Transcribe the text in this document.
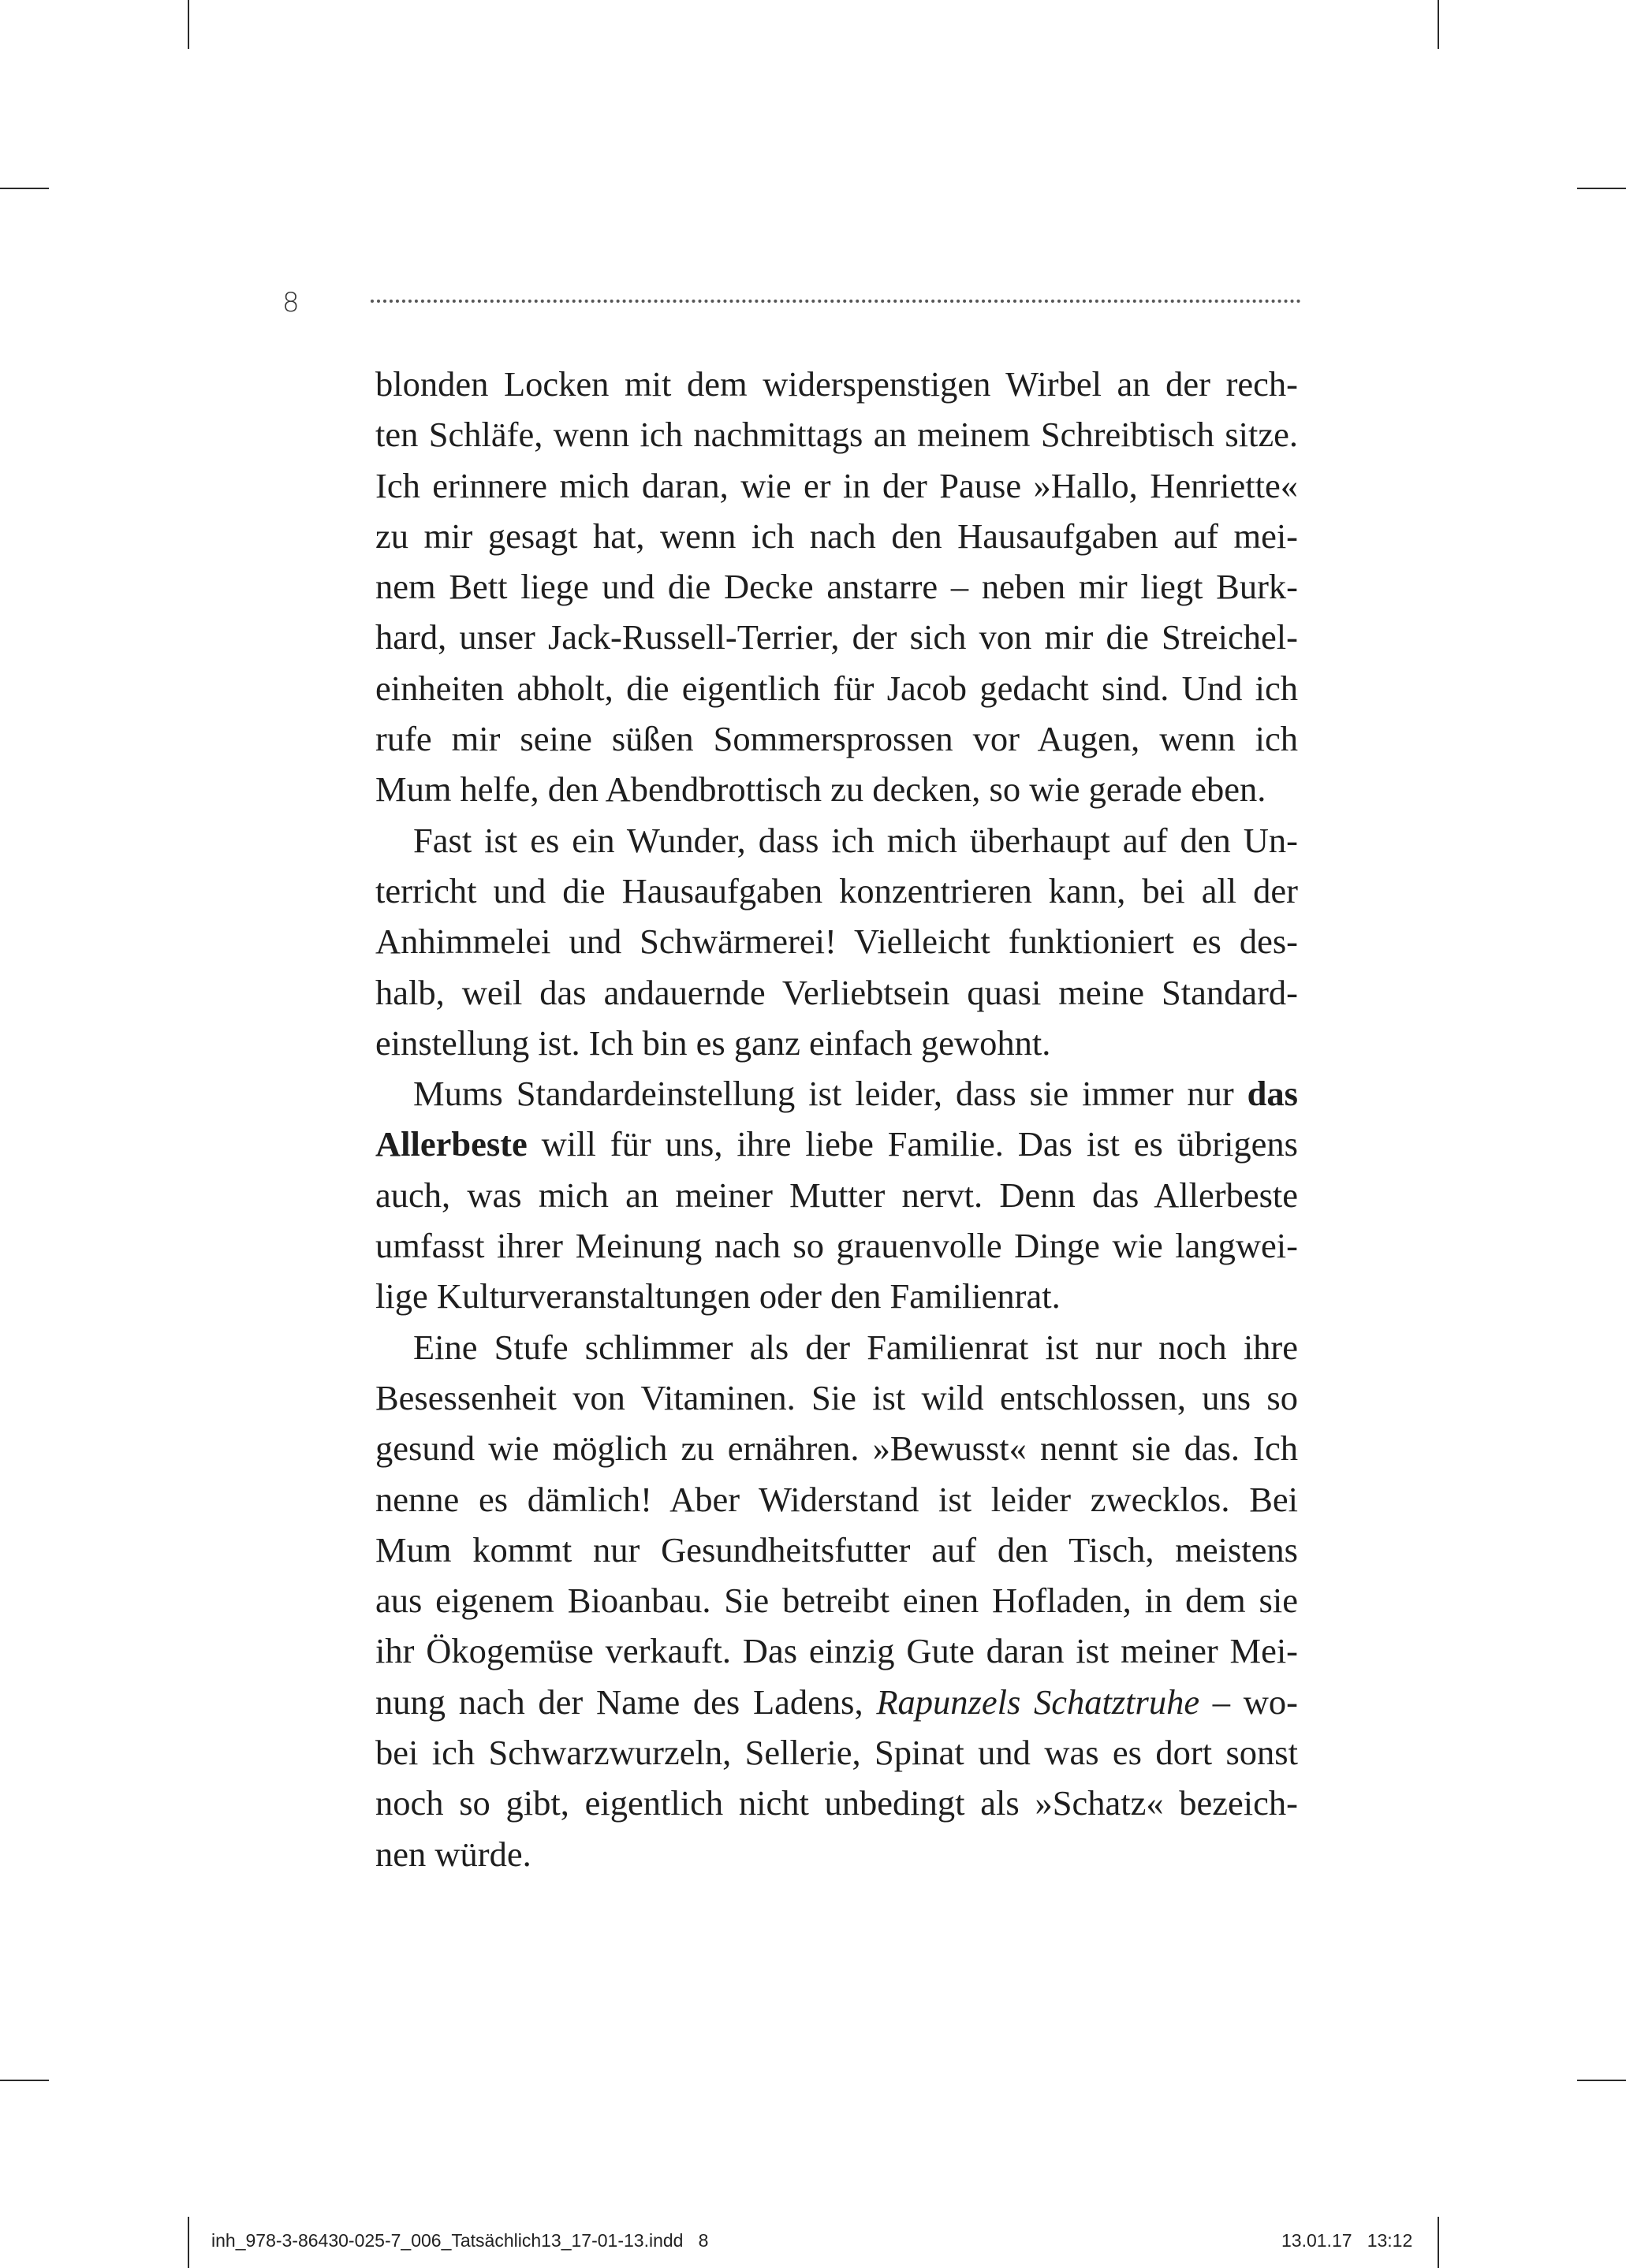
8
blonden Locken mit dem widerspenstigen Wirbel an der rech-
ten Schläfe, wenn ich nachmittags an meinem Schreibtisch sitze.
Ich erinnere mich daran, wie er in der Pause »Hallo, Henriette«
zu mir gesagt hat, wenn ich nach den Hausaufgaben auf mei-
nem Bett liege und die Decke anstarre – neben mir liegt Burk-
hard, unser Jack-Russell-Terrier, der sich von mir die Streichel-
einheiten abholt, die eigentlich für Jacob gedacht sind. Und ich
rufe mir seine süßen Sommersprossen vor Augen, wenn ich
Mum helfe, den Abendbrottisch zu decken, so wie gerade eben.
Fast ist es ein Wunder, dass ich mich überhaupt auf den Un-
terricht und die Hausaufgaben konzentrieren kann, bei all der
Anhimmelei und Schwärmerei! Vielleicht funktioniert es des-
halb, weil das andauernde Verliebtsein quasi meine Standard-
einstellung ist. Ich bin es ganz einfach gewohnt.
Mums Standardeinstellung ist leider, dass sie immer nur das
Allerbeste will für uns, ihre liebe Familie. Das ist es übrigens
auch, was mich an meiner Mutter nervt. Denn das Allerbeste
umfasst ihrer Meinung nach so grauenvolle Dinge wie langwei-
lige Kulturveranstaltungen oder den Familienrat.
Eine Stufe schlimmer als der Familienrat ist nur noch ihre
Besessenheit von Vitaminen. Sie ist wild entschlossen, uns so
gesund wie möglich zu ernähren. »Bewusst« nennt sie das. Ich
nenne es dämlich! Aber Widerstand ist leider zwecklos. Bei
Mum kommt nur Gesundheitsfutter auf den Tisch, meistens
aus eigenem Bioanbau. Sie betreibt einen Hofladen, in dem sie
ihr Ökogemüse verkauft. Das einzig Gute daran ist meiner Mei-
nung nach der Name des Ladens, Rapunzels Schatztruhe – wo-
bei ich Schwarzwurzeln, Sellerie, Spinat und was es dort sonst
noch so gibt, eigentlich nicht unbedingt als »Schatz« bezeich-
nen würde.
inh_978-3-86430-025-7_006_Tatsächlich13_17-01-13.indd   8	13.01.17   13:12
